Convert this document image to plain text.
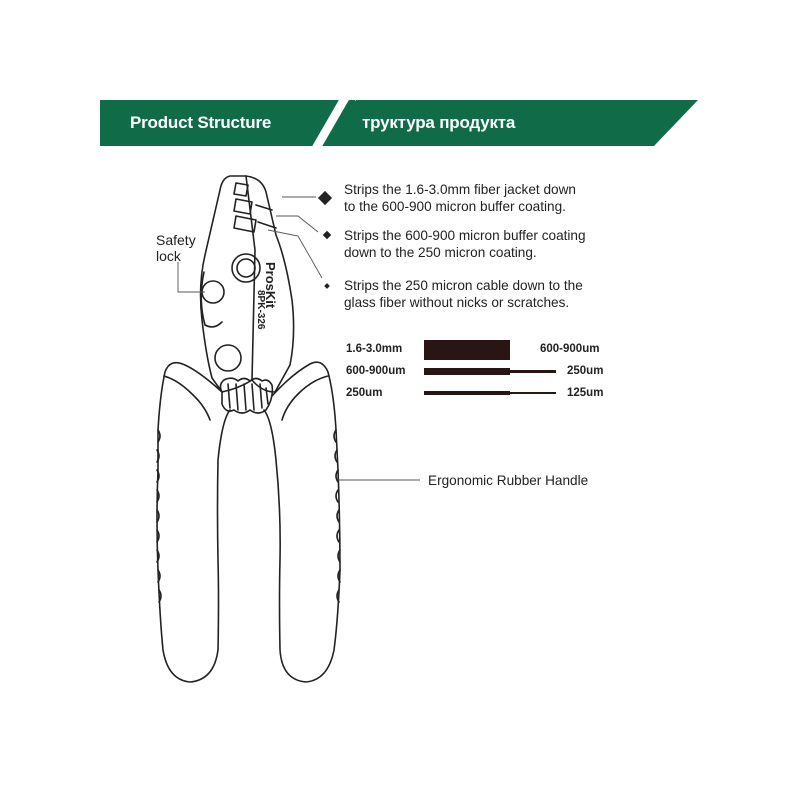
Product Structure	труктура продукта
ProsKit
8PK-326
Safety
lock
Ergonomic Rubber Handle
Strips the 1.6-3.0mm fiber jacket down
to the 600-900 micron buffer coating.
Strips the 600-900 micron buffer coating
down to the 250 micron coating.
Strips the 250 micron cable down to the
glass fiber without nicks or scratches.
1.6-3.0mm	600-900um
600-900um	250um
250um	125um
